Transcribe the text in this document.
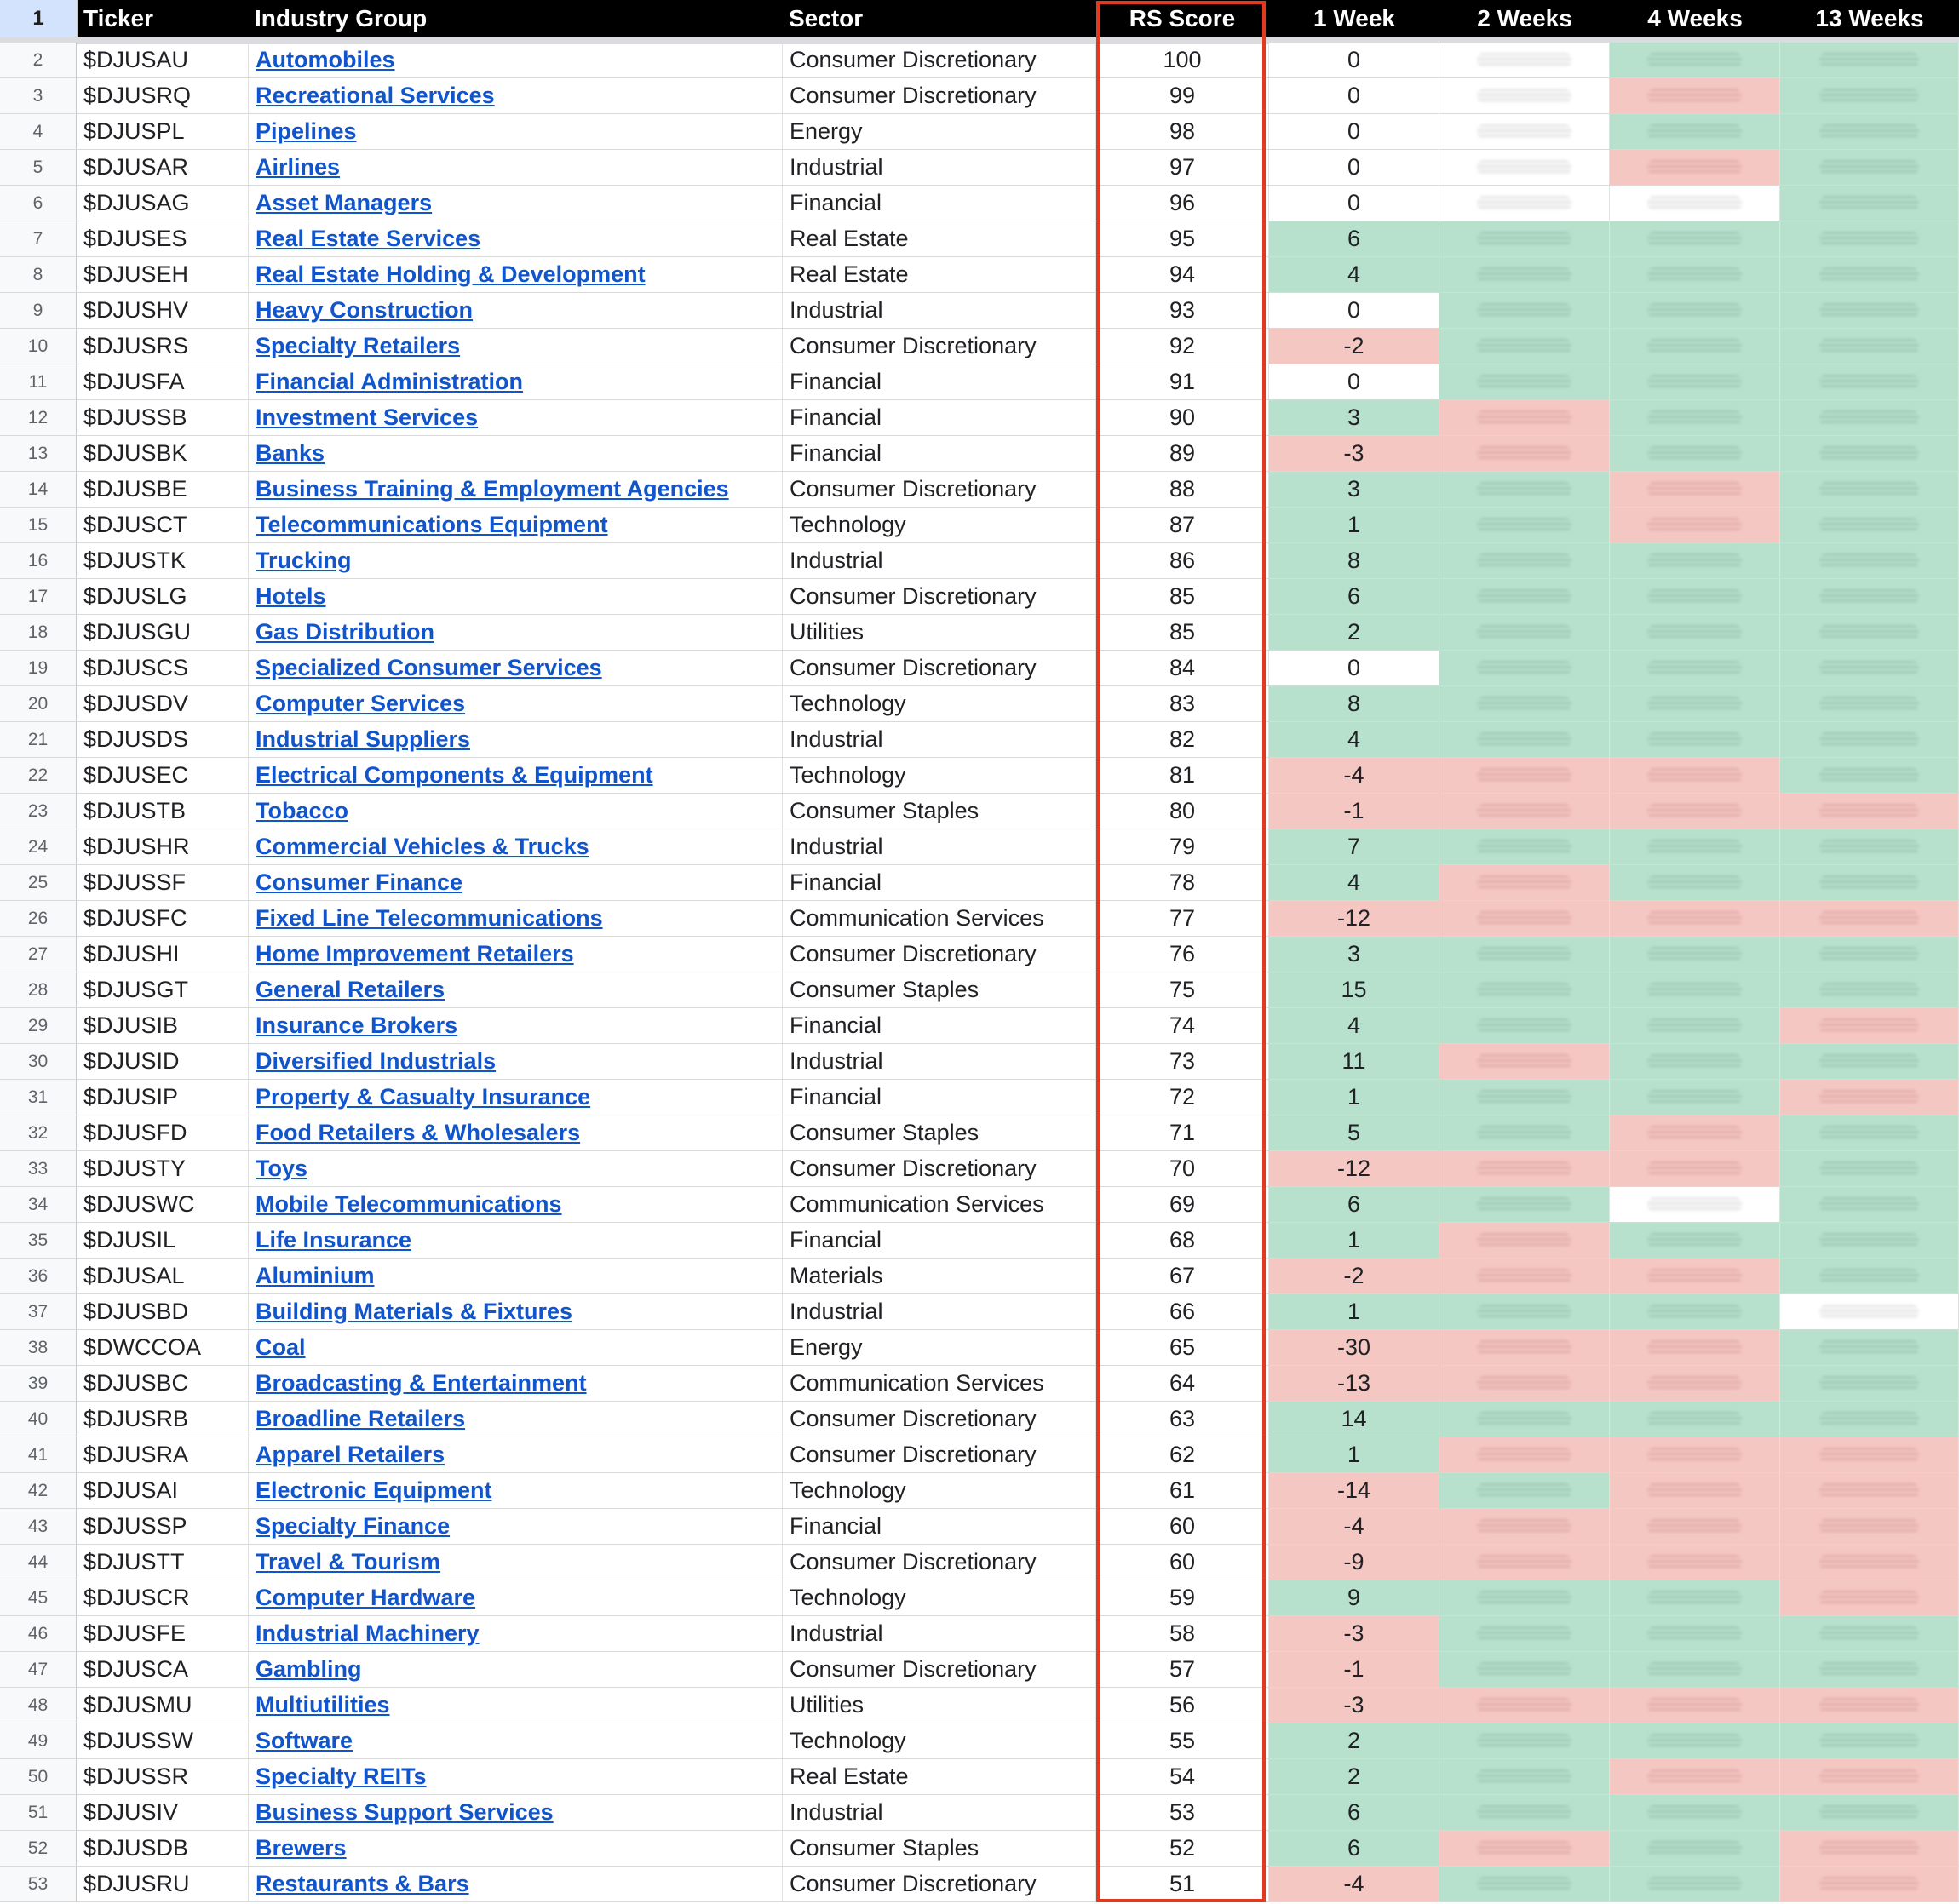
1	Ticker	Industry Group	Sector	RS Score	1 Week	2 Weeks	4 Weeks	13 Weeks
2	$DJUSAU	Automobiles	Consumer Discretionary	100	0
3	$DJUSRQ	Recreational Services	Consumer Discretionary	99	0
4	$DJUSPL	Pipelines	Energy	98	0
5	$DJUSAR	Airlines	Industrial	97	0
6	$DJUSAG	Asset Managers	Financial	96	0
7	$DJUSES	Real Estate Services	Real Estate	95	6
8	$DJUSEH	Real Estate Holding & Development	Real Estate	94	4
9	$DJUSHV	Heavy Construction	Industrial	93	0
10	$DJUSRS	Specialty Retailers	Consumer Discretionary	92	-2
11	$DJUSFA	Financial Administration	Financial	91	0
12	$DJUSSB	Investment Services	Financial	90	3
13	$DJUSBK	Banks	Financial	89	-3
14	$DJUSBE	Business Training & Employment Agencies	Consumer Discretionary	88	3
15	$DJUSCT	Telecommunications Equipment	Technology	87	1
16	$DJUSTK	Trucking	Industrial	86	8
17	$DJUSLG	Hotels	Consumer Discretionary	85	6
18	$DJUSGU	Gas Distribution	Utilities	85	2
19	$DJUSCS	Specialized Consumer Services	Consumer Discretionary	84	0
20	$DJUSDV	Computer Services	Technology	83	8
21	$DJUSDS	Industrial Suppliers	Industrial	82	4
22	$DJUSEC	Electrical Components & Equipment	Technology	81	-4
23	$DJUSTB	Tobacco	Consumer Staples	80	-1
24	$DJUSHR	Commercial Vehicles & Trucks	Industrial	79	7
25	$DJUSSF	Consumer Finance	Financial	78	4
26	$DJUSFC	Fixed Line Telecommunications	Communication Services	77	-12
27	$DJUSHI	Home Improvement Retailers	Consumer Discretionary	76	3
28	$DJUSGT	General Retailers	Consumer Staples	75	15
29	$DJUSIB	Insurance Brokers	Financial	74	4
30	$DJUSID	Diversified Industrials	Industrial	73	11
31	$DJUSIP	Property & Casualty Insurance	Financial	72	1
32	$DJUSFD	Food Retailers & Wholesalers	Consumer Staples	71	5
33	$DJUSTY	Toys	Consumer Discretionary	70	-12
34	$DJUSWC	Mobile Telecommunications	Communication Services	69	6
35	$DJUSIL	Life Insurance	Financial	68	1
36	$DJUSAL	Aluminium	Materials	67	-2
37	$DJUSBD	Building Materials & Fixtures	Industrial	66	1
38	$DWCCOA	Coal	Energy	65	-30
39	$DJUSBC	Broadcasting & Entertainment	Communication Services	64	-13
40	$DJUSRB	Broadline Retailers	Consumer Discretionary	63	14
41	$DJUSRA	Apparel Retailers	Consumer Discretionary	62	1
42	$DJUSAI	Electronic Equipment	Technology	61	-14
43	$DJUSSP	Specialty Finance	Financial	60	-4
44	$DJUSTT	Travel & Tourism	Consumer Discretionary	60	-9
45	$DJUSCR	Computer Hardware	Technology	59	9
46	$DJUSFE	Industrial Machinery	Industrial	58	-3
47	$DJUSCA	Gambling	Consumer Discretionary	57	-1
48	$DJUSMU	Multiutilities	Utilities	56	-3
49	$DJUSSW	Software	Technology	55	2
50	$DJUSSR	Specialty REITs	Real Estate	54	2
51	$DJUSIV	Business Support Services	Industrial	53	6
52	$DJUSDB	Brewers	Consumer Staples	52	6
53	$DJUSRU	Restaurants & Bars	Consumer Discretionary	51	-4
